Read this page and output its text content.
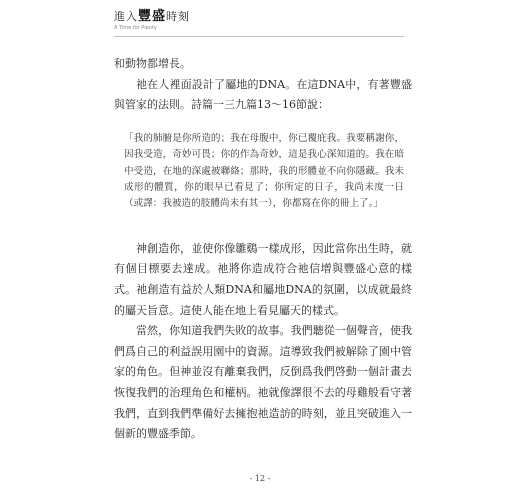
進入豐盛時刻
A Time for Plenty

和動物都增長。

祂在人裡面設計了屬地的DNA。在這DNA中，有著豐盛與管家的法則。詩篇一三九篇13～16節說：

「我的肺腑是你所造的；我在母腹中，你已覆庇我。我要稱謝你，因我受造，奇妙可畏；你的作為奇妙，這是我心深知道的。我在暗中受造，在地的深處被聯絡；那時，我的形體並不向你隱藏。我未成形的體質，你的眼早已看見了；你所定的日子，我尚未度一日（或譯：我被造的肢體尚未有其一），你都寫在你的冊上了。」

神創造你，並使你像雛鷄一樣成形，因此當你出生時，就有個目標要去達成。祂將你造成符合祂信增與豐盛心意的樣式。祂創造有益於人類DNA和屬地DNA的氛圍，以成就最終的屬天旨意。這使人能在地上看見屬天的樣式。

當然，你知道我們失敗的故事。我們聽從一個聲音，使我們爲自己的利益誤用園中的資源。這導致我們被解除了園中管家的角色。但神並沒有離棄我們，反倒爲我們啓動一個計畫去恢復我們的治理角色和權柄。祂就像譯很不去的母雞般看守著我們，直到我們準備好去擁抱祂造訪的時刻，並且突破進入一個新的豐盛季節。

- 12 -
